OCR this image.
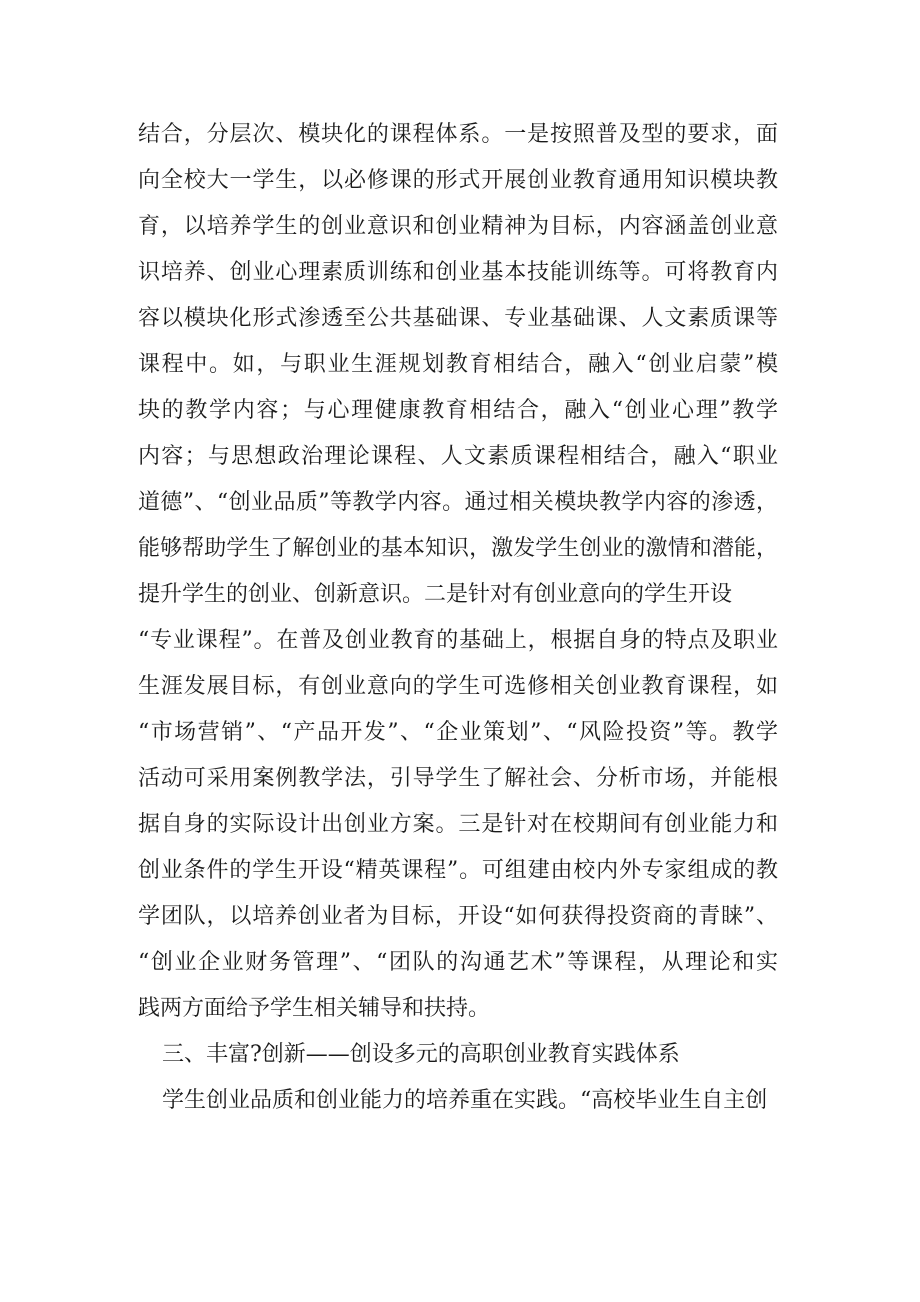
结合，分层次、模块化的课程体系。一是按照普及型的要求，面
向全校大一学生，以必修课的形式开展创业教育通用知识模块教
育，以培养学生的创业意识和创业精神为目标，内容涵盖创业意
识培养、创业心理素质训练和创业基本技能训练等。可将教育内
容以模块化形式渗透至公共基础课、专业基础课、人文素质课等
课程中。如，与职业生涯规划教育相结合，融入“创业启蒙”模
块的教学内容；与心理健康教育相结合，融入“创业心理”教学
内容；与思想政治理论课程、人文素质课程相结合，融入“职业
道德”、“创业品质”等教学内容。通过相关模块教学内容的渗透，
能够帮助学生了解创业的基本知识，激发学生创业的激情和潜能，
提升学生的创业、创新意识。二是针对有创业意向的学生开设
“专业课程”。在普及创业教育的基础上，根据自身的特点及职业
生涯发展目标，有创业意向的学生可选修相关创业教育课程，如
“市场营销”、“产品开发”、“企业策划”、“风险投资”等。教学
活动可采用案例教学法，引导学生了解社会、分析市场，并能根
据自身的实际设计出创业方案。三是针对在校期间有创业能力和
创业条件的学生开设“精英课程”。可组建由校内外专家组成的教
学团队，以培养创业者为目标，开设“如何获得投资商的青睐”、
“创业企业财务管理”、“团队的沟通艺术”等课程，从理论和实
践两方面给予学生相关辅导和扶持。
三、丰富?创新——创设多元的高职创业教育实践体系
学生创业品质和创业能力的培养重在实践。“高校毕业生自主创
